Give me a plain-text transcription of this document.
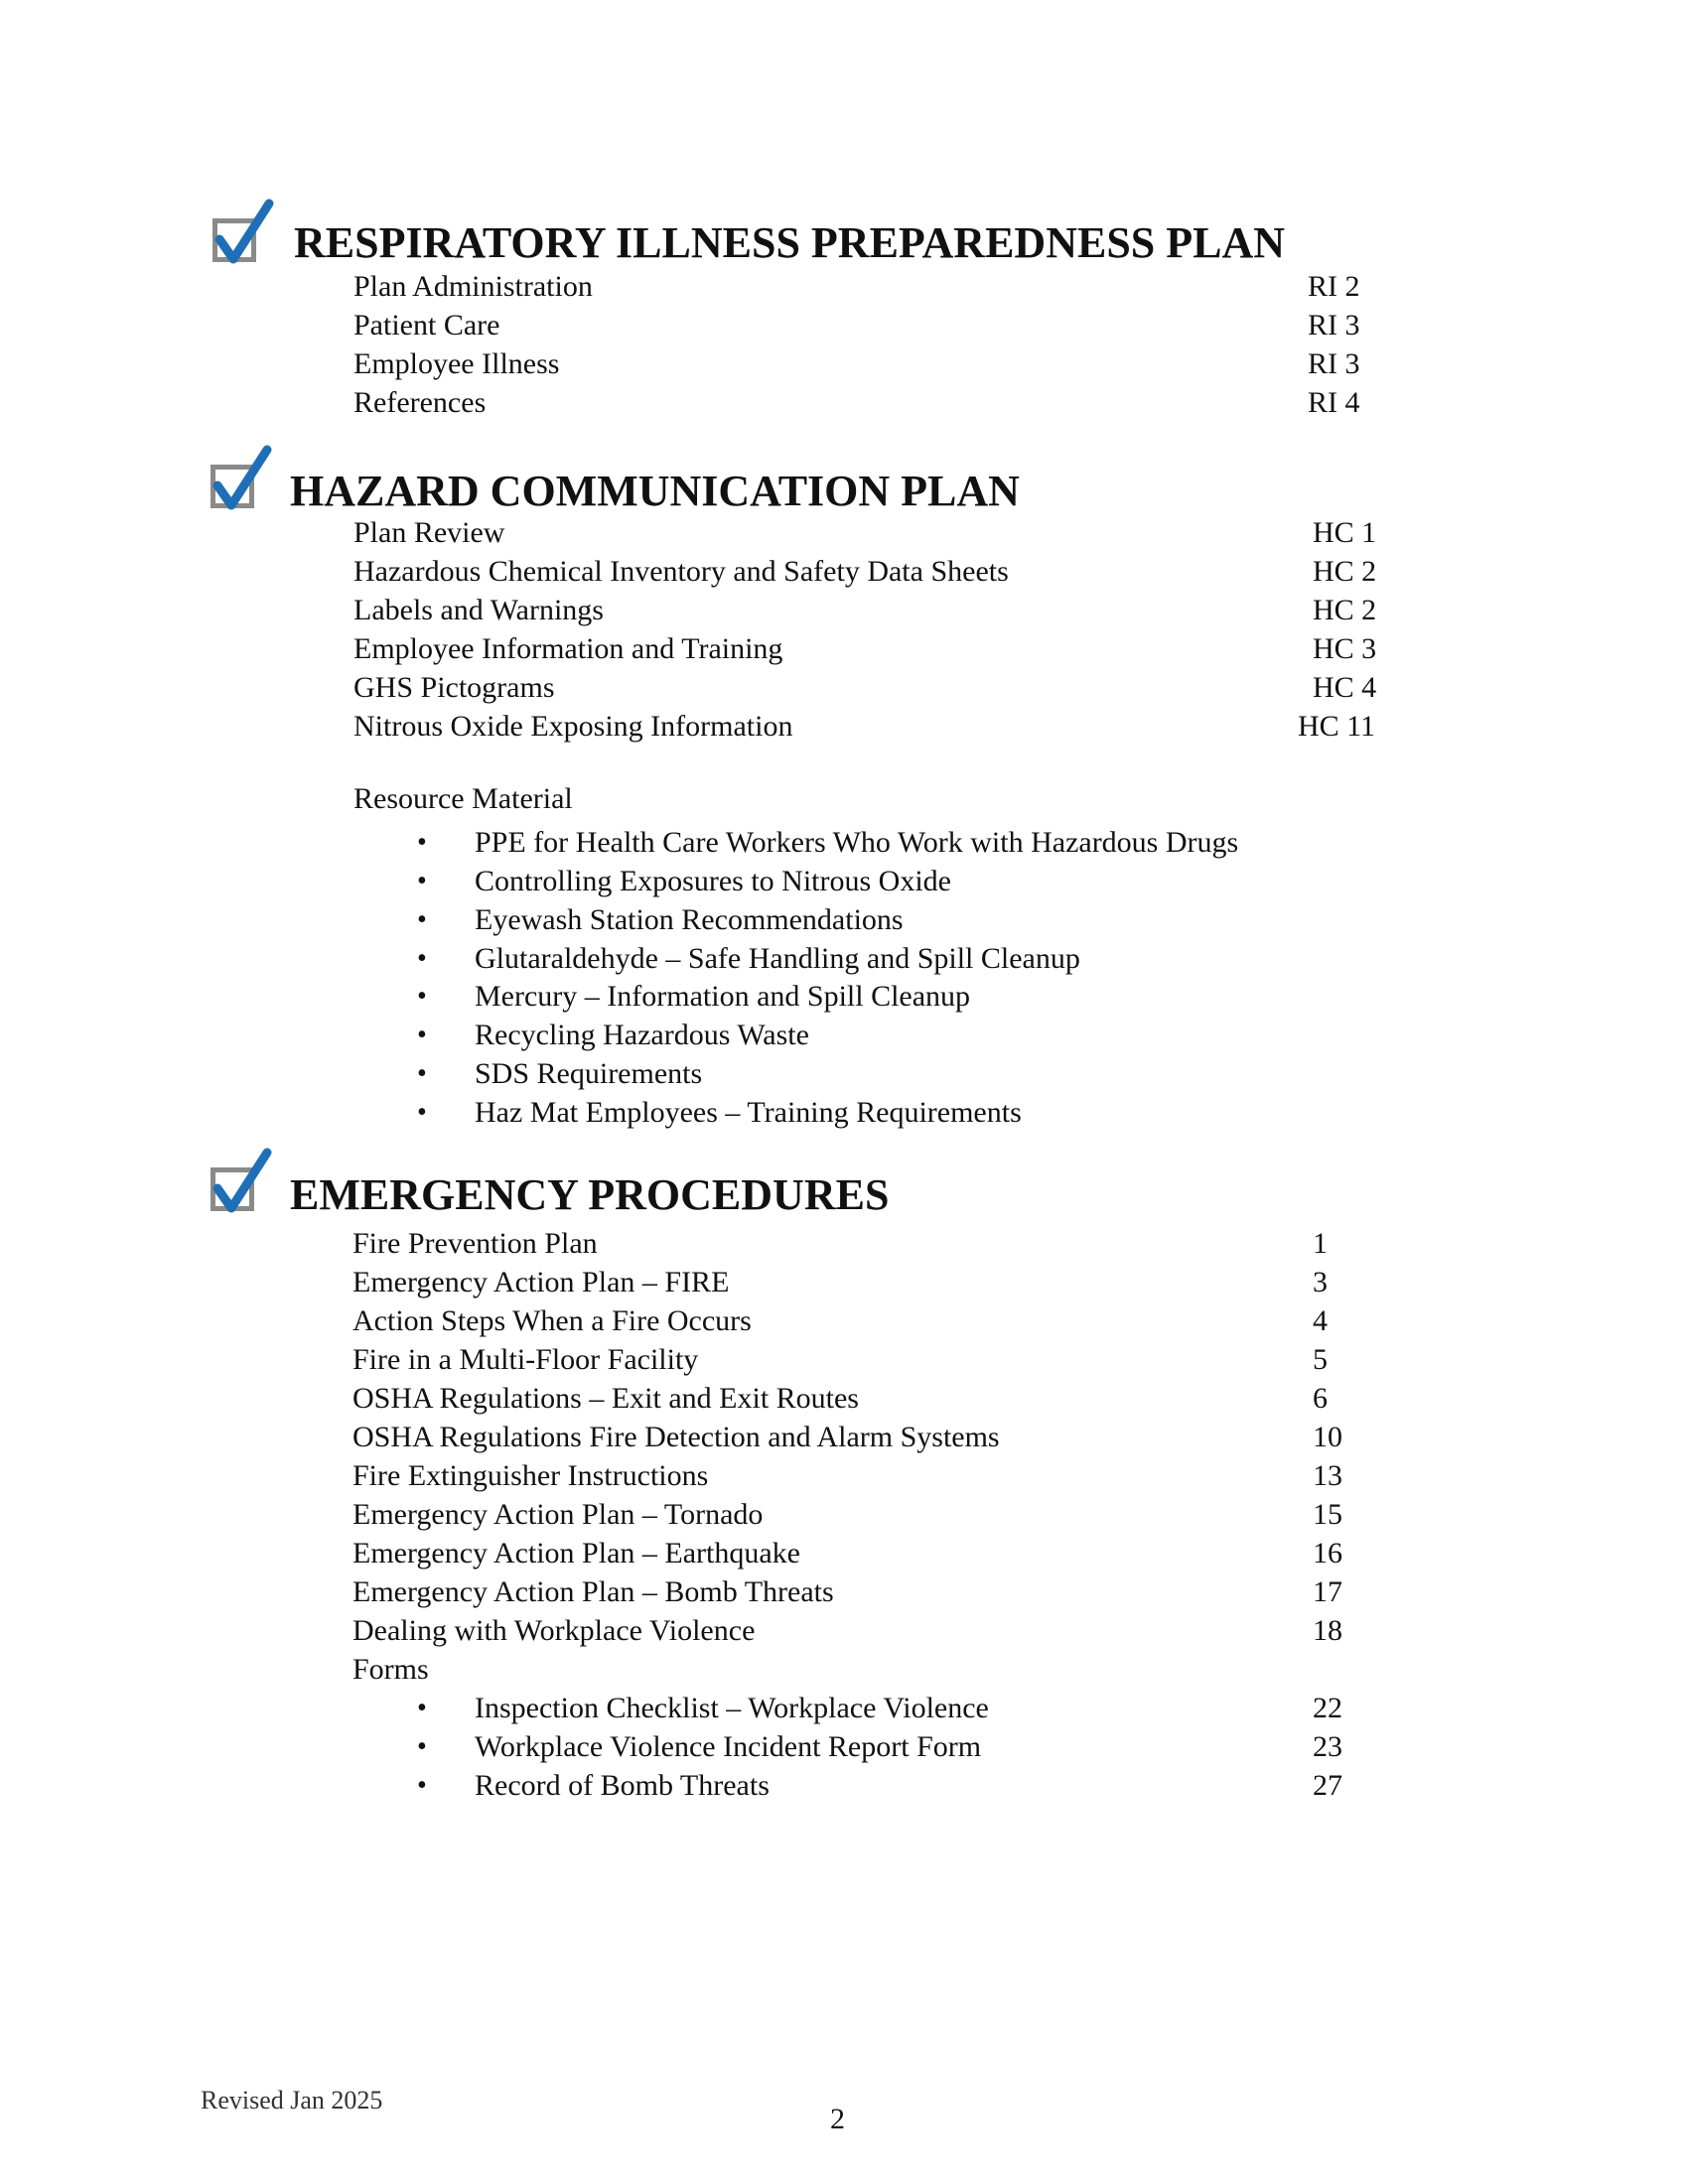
RESPIRATORY ILLNESS PREPAREDNESS PLAN
Plan Administration	RI 2
Patient Care	RI 3
Employee Illness	RI 3
References	RI 4
HAZARD COMMUNICATION PLAN
Plan Review	HC 1
Hazardous Chemical Inventory and Safety Data Sheets	HC 2
Labels and Warnings	HC 2
Employee Information and Training	HC 3
GHS Pictograms	HC 4
Nitrous Oxide Exposing Information	HC 11
Resource Material
• PPE for Health Care Workers Who Work with Hazardous Drugs
• Controlling Exposures to Nitrous Oxide
• Eyewash Station Recommendations
• Glutaraldehyde – Safe Handling and Spill Cleanup
• Mercury – Information and Spill Cleanup
• Recycling Hazardous Waste
• SDS Requirements
• Haz Mat Employees – Training Requirements
EMERGENCY PROCEDURES
Fire Prevention Plan	1
Emergency Action Plan – FIRE	3
Action Steps When a Fire Occurs	4
Fire in a Multi-Floor Facility	5
OSHA Regulations – Exit and Exit Routes	6
OSHA Regulations Fire Detection and Alarm Systems	10
Fire Extinguisher Instructions	13
Emergency Action Plan – Tornado	15
Emergency Action Plan – Earthquake	16
Emergency Action Plan – Bomb Threats	17
Dealing with Workplace Violence	18
Forms
• Inspection Checklist – Workplace Violence	22
• Workplace Violence Incident Report Form	23
• Record of Bomb Threats	27
Revised Jan 2025
2
